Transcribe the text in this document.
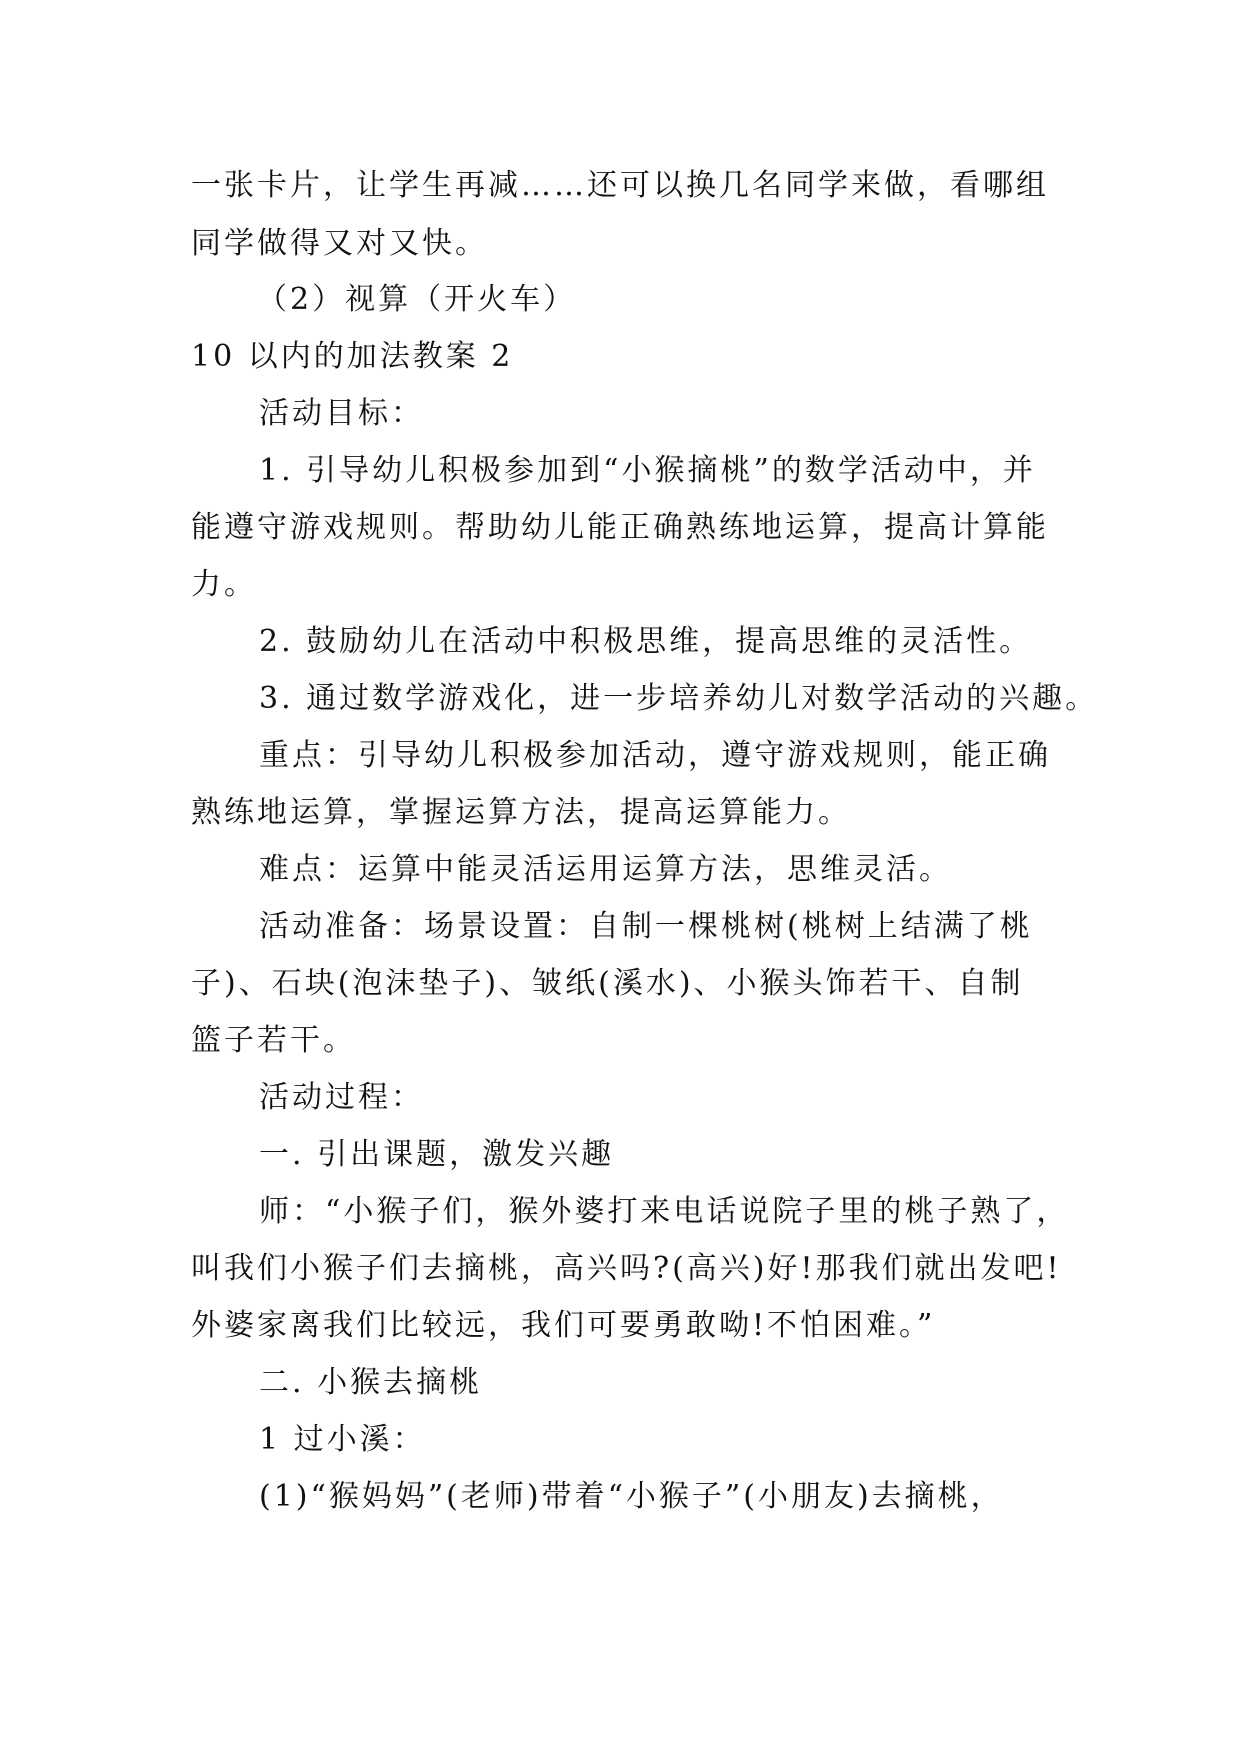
一张卡片，让学生再减……还可以换几名同学来做，看哪组
同学做得又对又快。
（2）视算（开火车）
10 以内的加法教案 2
活动目标：
1. 引导幼儿积极参加到“小猴摘桃”的数学活动中，并
能遵守游戏规则。帮助幼儿能正确熟练地运算，提高计算能
力。
2. 鼓励幼儿在活动中积极思维，提高思维的灵活性。
3. 通过数学游戏化，进一步培养幼儿对数学活动的兴趣。
重点：引导幼儿积极参加活动，遵守游戏规则，能正确
熟练地运算，掌握运算方法，提高运算能力。
难点：运算中能灵活运用运算方法，思维灵活。
活动准备：场景设置：自制一棵桃树(桃树上结满了桃
子)、石块(泡沫垫子)、皱纸(溪水)、小猴头饰若干、自制
篮子若干。
活动过程：
一. 引出课题，激发兴趣
师：“小猴子们，猴外婆打来电话说院子里的桃子熟了，
叫我们小猴子们去摘桃，高兴吗?(高兴)好!那我们就出发吧!
外婆家离我们比较远，我们可要勇敢呦!不怕困难。”
二. 小猴去摘桃
1 过小溪：
(1)“猴妈妈”(老师)带着“小猴子”(小朋友)去摘桃，
